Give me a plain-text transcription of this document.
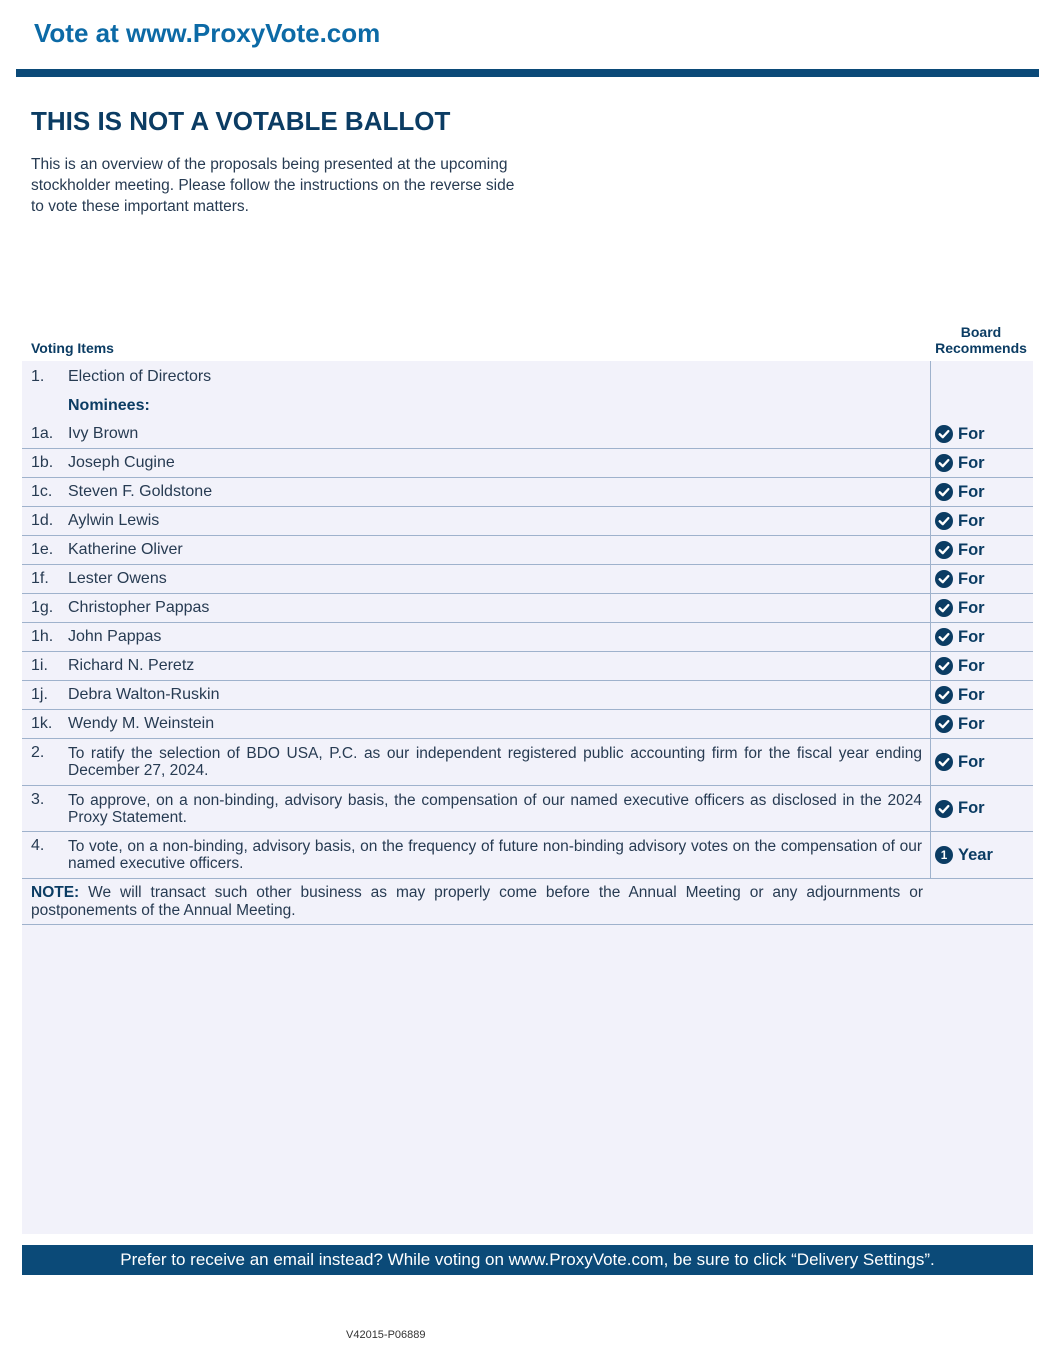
Vote at www.ProxyVote.com
THIS IS NOT A VOTABLE BALLOT
This is an overview of the proposals being presented at the upcoming stockholder meeting. Please follow the instructions on the reverse side to vote these important matters.
Voting Items
Board
Recommends
1.	Election of Directors
Nominees:
1a. Ivy Brown	For
1b. Joseph Cugine	For
1c. Steven F. Goldstone	For
1d. Aylwin Lewis	For
1e. Katherine Oliver	For
1f.	Lester Owens	For
1g. Christopher Pappas	For
1h. John Pappas	For
1i.	Richard N. Peretz	For
1j.	Debra Walton-Ruskin	For
1k. Wendy M. Weinstein	For
2.	To ratify the selection of BDO USA, P.C. as our independent registered public accounting firm for the fiscal year ending December 27, 2024.	For
3.	To approve, on a non-binding, advisory basis, the compensation of our named executive officers as disclosed in the 2024 Proxy Statement.	For
4.	To vote, on a non-binding, advisory basis, on the frequency of future non-binding advisory votes on the compensation of our named executive officers.	1 Year
NOTE: We will transact such other business as may properly come before the Annual Meeting or any adjournments or postponements of the Annual Meeting.
Prefer to receive an email instead? While voting on www.ProxyVote.com, be sure to click “Delivery Settings”.
V42015-P06889
